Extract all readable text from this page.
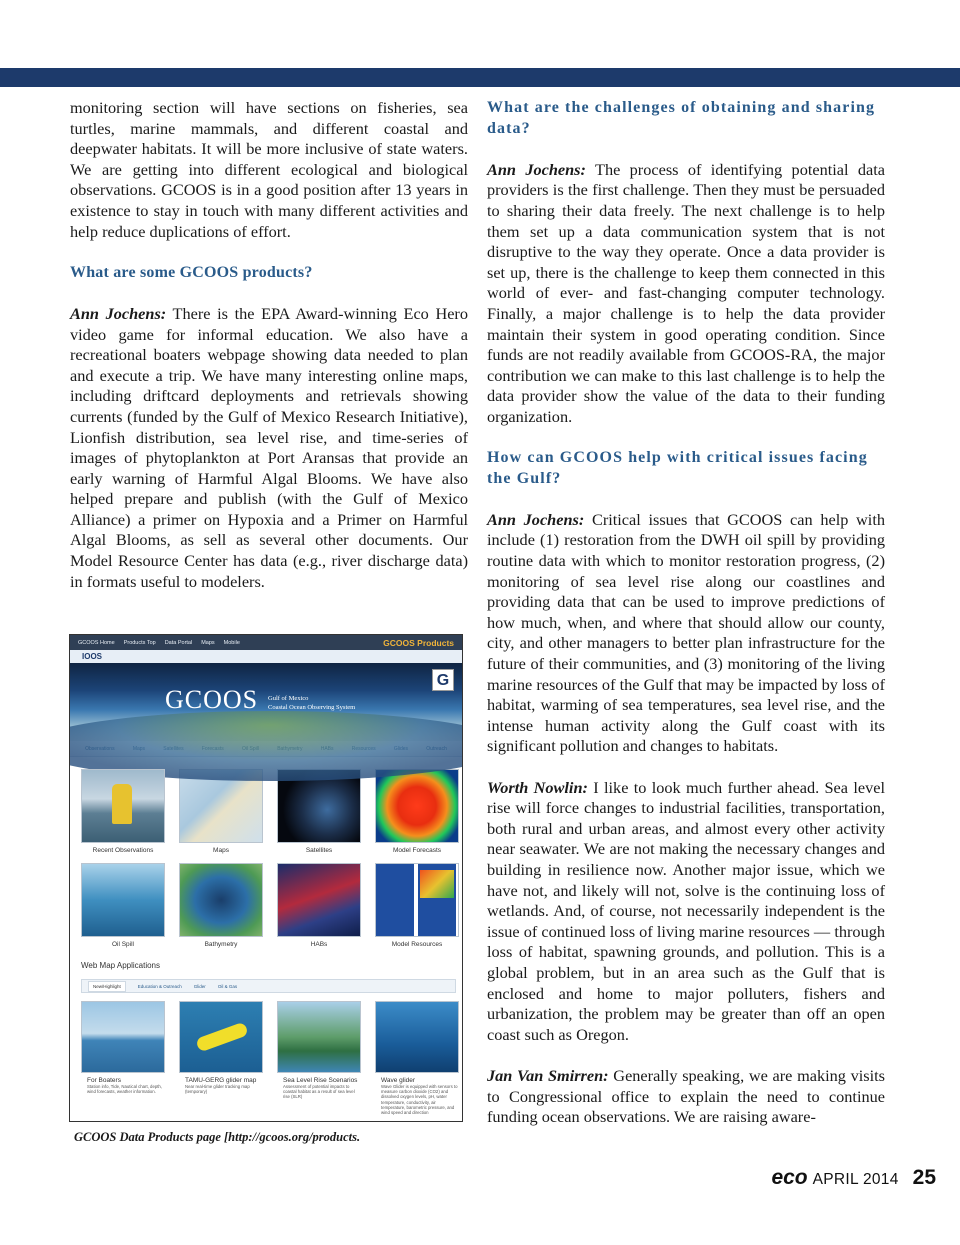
monitoring section will have sections on fisheries, sea turtles, marine mammals, and different coastal and deepwater habitats. It will be more inclusive of state waters. We are getting into different ecological and biological observations. GCOOS is in a good position after 13 years in existence to stay in touch with many different activities and help reduce duplications of effort.

What are some GCOOS products?

Ann Jochens: There is the EPA Award-winning Eco Hero video game for informal education. We also have a recreational boaters webpage showing data needed to plan and execute a trip. We have many interesting online maps, including driftcard deployments and retrievals showing currents (funded by the Gulf of Mexico Research Initiative), Lionfish distribution, sea level rise, and time-series of images of phytoplankton at Port Aransas that provide an early warning of Harmful Algal Blooms. We have also helped prepare and publish (with the Gulf of Mexico Alliance) a primer on Hypoxia and a Primer on Harmful Algal Blooms, as sell as several other documents. Our Model Resource Center has data (e.g., river discharge data) in formats useful to modelers.

GCOOS Home Products Top Data Portal Maps Mobile	GCOOS Products
IOOS
GCOOS Gulf of Mexico
Coastal Ocean Observing System
G
Recent Observations	Maps	Satellites	Model Forecasts
Oil Spill	Bathymetry	HABs	Model Resources
Web Map Applications
New/Highlight	Education & Outreach	Glider	Oil & Gas
For Boaters
Station info, Tide, Nautical chart, depth, wind forecasts, weather information.
TAMU-GERG glider map
Near real-time glider tracking map (temporary)
Sea Level Rise Scenarios
Assessment of potential impacts to coastal habitat as a result of sea level rise (SLR)
Wave glider
Wave Glider is equipped with sensors to measure carbon dioxide (CO2) and dissolved oxygen levels, pH, water temperature, conductivity, air temperature, barometric pressure, and wind speed and direction
GCOOS Data Products page [http://gcoos.org/products.
What are the challenges of obtaining and sharing data?

Ann Jochens: The process of identifying potential data providers is the first challenge. Then they must be persuaded to sharing their data freely. The next challenge is to help them set up a data communication system that is not disruptive to the way they operate. Once a data provider is set up, there is the challenge to keep them connected in this world of ever- and fast-changing computer technology. Finally, a major challenge is to help the data provider maintain their system in good operating condition. Since funds are not readily available from GCOOS-RA, the major contribution we can make to this last challenge is to help the data provider show the value of the data to their funding organization.

How can GCOOS help with critical issues facing the Gulf?

Ann Jochens: Critical issues that GCOOS can help with include (1) restoration from the DWH oil spill by providing routine data with which to monitor restoration progress, (2) monitoring of sea level rise along our coastlines and providing data that can be used to improve predictions of how much, when, and where that should allow our county, city, and other managers to better plan infrastructure for the future of their communities, and (3) monitoring of the living marine resources of the Gulf that may be impacted by loss of habitat, warming of sea temperatures, sea level rise, and the intense human activity along the Gulf coast with its significant pollution and changes to habitats.

Worth Nowlin: I like to look much further ahead. Sea level rise will force changes to industrial facilities, transportation, both rural and urban areas, and almost every other activity near seawater. We are not making the necessary changes and building in resilience now. Another major issue, which we have not, and likely will not, solve is the continuing loss of wetlands. And, of course, not necessarily independent is the issue of continued loss of living marine resources — through loss of habitat, spawning grounds, and pollution. This is a global problem, but in an area such as the Gulf that is enclosed and home to major polluters, fishers and urbanization, the problem may be greater than off an open coast such as Oregon.

Jan Van Smirren: Generally speaking, we are making visits to Congressional office to explain the need to continue funding ocean observations. We are raising aware-

eco APRIL 2014 25
